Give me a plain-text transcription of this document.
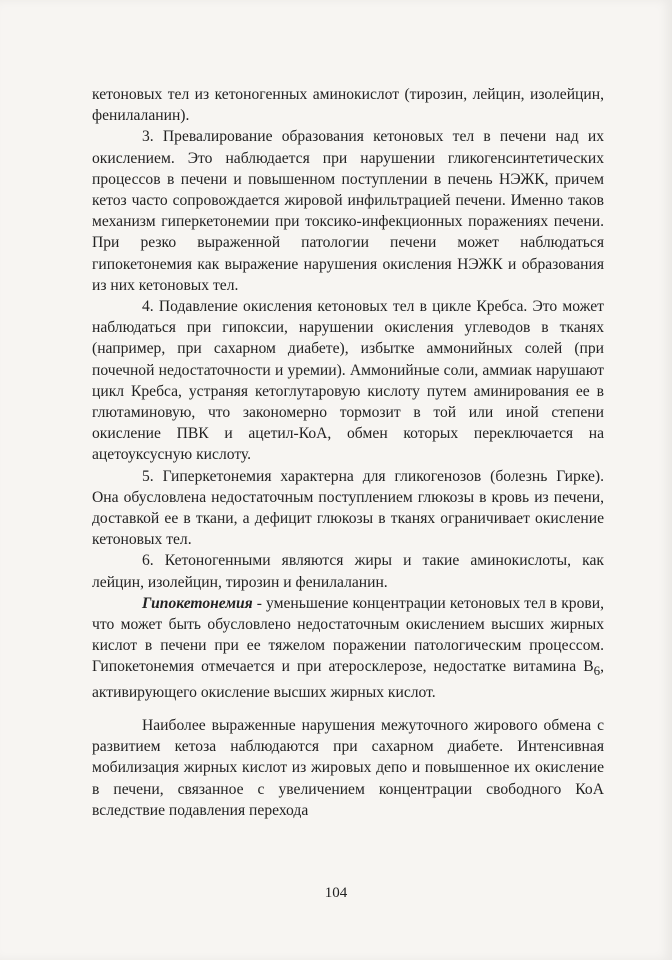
кетоновых тел из кетоногенных аминокислот (тирозин, лейцин, изолейцин, фенилаланин).

3. Превалирование образования кетоновых тел в печени над их окислением. Это наблюдается при нарушении гликогенсинтетических процессов в печени и повышенном поступлении в печень НЭЖК, причем кетоз часто сопровождается жировой инфильтрацией печени. Именно таков механизм гиперкетонемии при токсико-инфекционных поражениях печени. При резко выраженной патологии печени может наблюдаться гипокетонемия как выражение нарушения окисления НЭЖК и образования из них кетоновых тел.

4. Подавление окисления кетоновых тел в цикле Кребса. Это может наблюдаться при гипоксии, нарушении окисления углеводов в тканях (например, при сахарном диабете), избытке аммонийных солей (при почечной недостаточности и уремии). Аммонийные соли, аммиак нарушают цикл Кребса, устраняя кетоглутаровую кислоту путем аминирования ее в глютаминовую, что закономерно тормозит в той или иной степени окисление ПВК и ацетил-КоА, обмен которых переключается на ацетоуксусную кислоту.

5. Гиперкетонемия характерна для гликогенозов (болезнь Гирке). Она обусловлена недостаточным поступлением глюкозы в кровь из печени, доставкой ее в ткани, а дефицит глюкозы в тканях ограничивает окисление кетоновых тел.

6. Кетоногенными являются жиры и такие аминокислоты, как лейцин, изолейцин, тирозин и фенилаланин.

Гипокетонемия - уменьшение концентрации кетоновых тел в крови, что может быть обусловлено недостаточным окислением высших жирных кислот в печени при ее тяжелом поражении патологическим процессом. Гипокетонемия отмечается и при атеросклерозе, недостатке витамина $B_6$, активирующего окисление высших жирных кислот.

Наиболее выраженные нарушения межуточного жирового обмена с развитием кетоза наблюдаются при сахарном диабете. Интенсивная мобилизация жирных кислот из жировых депо и повышенное их окисление в печени, связанное с увеличением концентрации свободного КоА вследствие подавления перехода

104
